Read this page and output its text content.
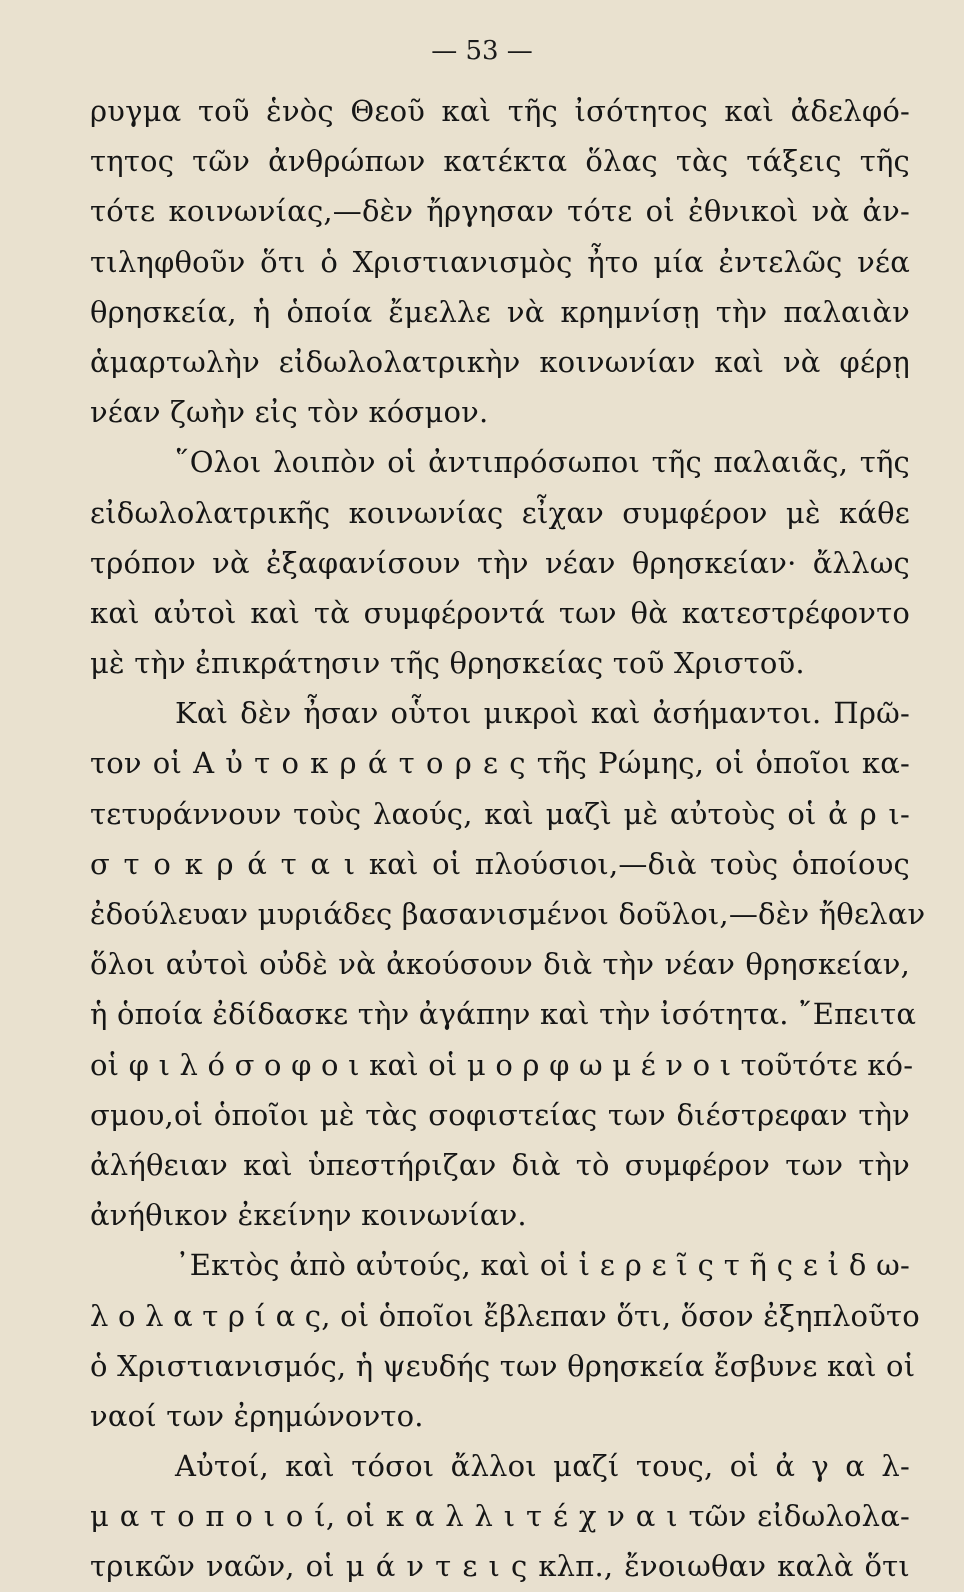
— 53 —
ρυγμα τοῦ ἑνὸς Θεοῦ καὶ τῆς ἰσότητος καὶ ἀδελφό-
τητος τῶν ἀνθρώπων κατέκτα ὅλας τὰς τάξεις τῆς
τότε κοινωνίας,—δὲν ἤργησαν τότε οἱ ἐθνικοὶ νὰ ἀν-
τιληφθοῦν ὅτι ὁ Χριστιανισμὸς ἦτο μία ἐντελῶς νέα
θρησκεία, ἡ ὁποία ἔμελλε νὰ κρημνίσῃ τὴν παλαιὰν
ἁμαρτωλὴν εἰδωλολατρικὴν κοινωνίαν καὶ νὰ φέρῃ
νέαν ζωὴν εἰς τὸν κόσμον.
῞Ολοι λοιπὸν οἱ ἀντιπρόσωποι τῆς παλαιᾶς, τῆς
εἰδωλολατρικῆς κοινωνίας εἶχαν συμφέρον μὲ κάθε
τρόπον νὰ ἐξαφανίσουν τὴν νέαν θρησκείαν· ἄλλως
καὶ αὐτοὶ καὶ τὰ συμφέροντά των θὰ κατεστρέφοντο
μὲ τὴν ἐπικράτησιν τῆς θρησκείας τοῦ Χριστοῦ.
Καὶ δὲν ἦσαν οὗτοι μικροὶ καὶ ἀσήμαντοι. Πρῶ-
τον οἱ Α ὐ τ ο κ ρ ά τ ο ρ ε ς τῆς Ρώμης, οἱ ὁποῖοι κα-
τετυράννουν τοὺς λαούς, καὶ μαζὶ μὲ αὐτοὺς οἱ ἀ ρ ι-
σ τ ο κ ρ ά τ α ι καὶ οἱ πλούσιοι,—διὰ τοὺς ὁποίους
ἐδούλευαν μυριάδες βασανισμένοι δοῦλοι,—δὲν ἤθελαν
ὅλοι αὐτοὶ οὐδὲ νὰ ἀκούσουν διὰ τὴν νέαν θρησκείαν,
ἡ ὁποία ἐδίδασκε τὴν ἀγάπην καὶ τὴν ἰσότητα. ῎Επειτα
οἱ φ ι λ ό σ ο φ ο ι καὶ οἱ μ ο ρ φ ω μ έ ν ο ι τοῦτότε κό-
σμου,οἱ ὁποῖοι μὲ τὰς σοφιστείας των διέστρεφαν τὴν
ἀλήθειαν καὶ ὑπεστήριζαν διὰ τὸ συμφέρον των τὴν
ἀνήθικον ἐκείνην κοινωνίαν.
᾿Εκτὸς ἀπὸ αὐτούς, καὶ οἱ ἱ ε ρ ε ῖ ς τ ῆ ς ε ἰ δ ω-
λ ο λ α τ ρ ί α ς, οἱ ὁποῖοι ἔβλεπαν ὅτι, ὅσον ἐξηπλοῦτο
ὁ Χριστιανισμός, ἡ ψευδής των θρησκεία ἔσβυνε καὶ οἱ
ναοί των ἐρημώνοντο.
Αὐτοί, καὶ τόσοι ἄλλοι μαζί τους, οἱ ἀ γ α λ-
μ α τ ο π ο ι ο ί, οἱ κ α λ λ ι τ έ χ ν α ι τῶν εἰδωλολα-
τρικῶν ναῶν, οἱ μ ά ν τ ε ι ς κλπ., ἔνοιωθαν καλὰ ὅτι
